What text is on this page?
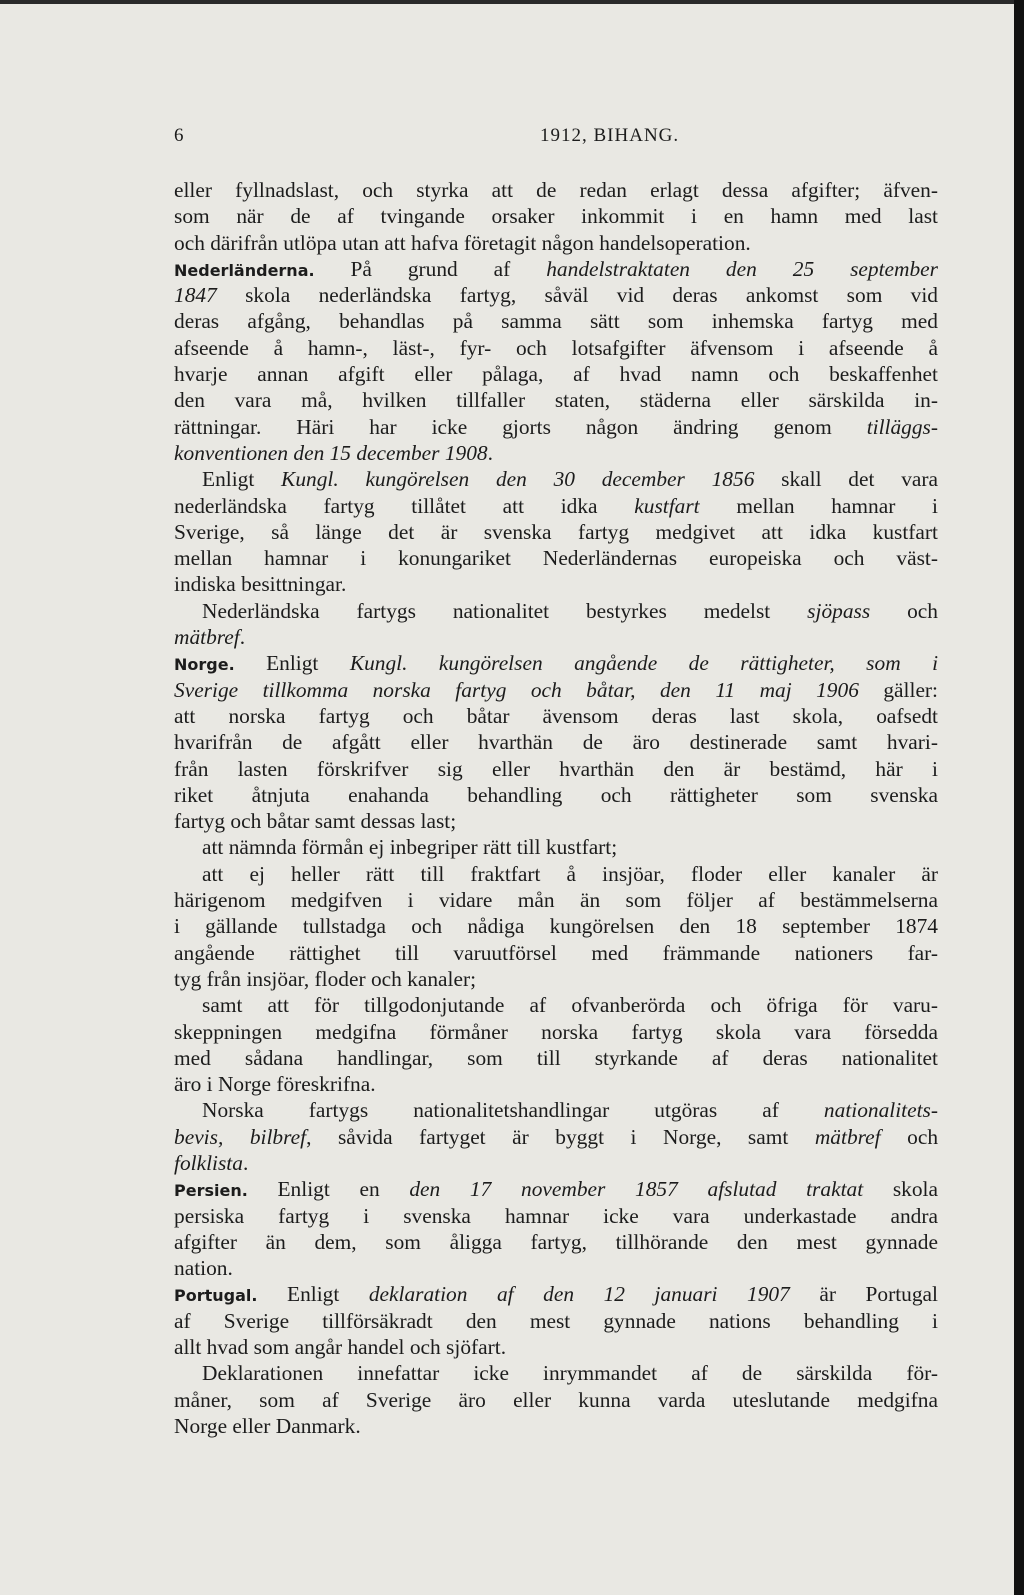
6	1912, BIHANG.
eller fyllnadslast, och styrka att de redan erlagt dessa afgifter; äfven-
som när de af tvingande orsaker inkommit i en hamn med last
och därifrån utlöpa utan att hafva företagit någon handelsoperation.
Nederländerna. På grund af handelstraktaten den 25 september
1847 skola nederländska fartyg, såväl vid deras ankomst som vid
deras afgång, behandlas på samma sätt som inhemska fartyg med
afseende å hamn-, läst-, fyr- och lotsafgifter äfvensom i afseende å
hvarje annan afgift eller pålaga, af hvad namn och beskaffenhet
den vara må, hvilken tillfaller staten, städerna eller särskilda in-
rättningar. Häri har icke gjorts någon ändring genom tilläggs-
konventionen den 15 december 1908.
Enligt Kungl. kungörelsen den 30 december 1856 skall det vara
nederländska fartyg tillåtet att idka kustfart mellan hamnar i
Sverige, så länge det är svenska fartyg medgivet att idka kustfart
mellan hamnar i konungariket Nederländernas europeiska och väst-
indiska besittningar.
Nederländska fartygs nationalitet bestyrkes medelst sjöpass och
mätbref.
Norge. Enligt Kungl. kungörelsen angående de rättigheter, som i
Sverige tillkomma norska fartyg och båtar, den 11 maj 1906 gäller:
att norska fartyg och båtar ävensom deras last skola, oafsedt
hvarifrån de afgått eller hvarthän de äro destinerade samt hvari-
från lasten förskrifver sig eller hvarthän den är bestämd, här i
riket åtnjuta enahanda behandling och rättigheter som svenska
fartyg och båtar samt dessas last;
att nämnda förmån ej inbegriper rätt till kustfart;
att ej heller rätt till fraktfart å insjöar, floder eller kanaler är
härigenom medgifven i vidare mån än som följer af bestämmelserna
i gällande tullstadga och nådiga kungörelsen den 18 september 1874
angående rättighet till varuutförsel med främmande nationers far-
tyg från insjöar, floder och kanaler;
samt att för tillgodonjutande af ofvanberörda och öfriga för varu-
skeppningen medgifna förmåner norska fartyg skola vara försedda
med sådana handlingar, som till styrkande af deras nationalitet
äro i Norge föreskrifna.
Norska fartygs nationalitetshandlingar utgöras af nationalitets-
bevis, bilbref, såvida fartyget är byggt i Norge, samt mätbref och
folklista.
Persien. Enligt en den 17 november 1857 afslutad traktat skola
persiska fartyg i svenska hamnar icke vara underkastade andra
afgifter än dem, som åligga fartyg, tillhörande den mest gynnade
nation.
Portugal. Enligt deklaration af den 12 januari 1907 är Portugal
af Sverige tillförsäkradt den mest gynnade nations behandling i
allt hvad som angår handel och sjöfart.
Deklarationen innefattar icke inrymmandet af de särskilda för-
måner, som af Sverige äro eller kunna varda uteslutande medgifna
Norge eller Danmark.
